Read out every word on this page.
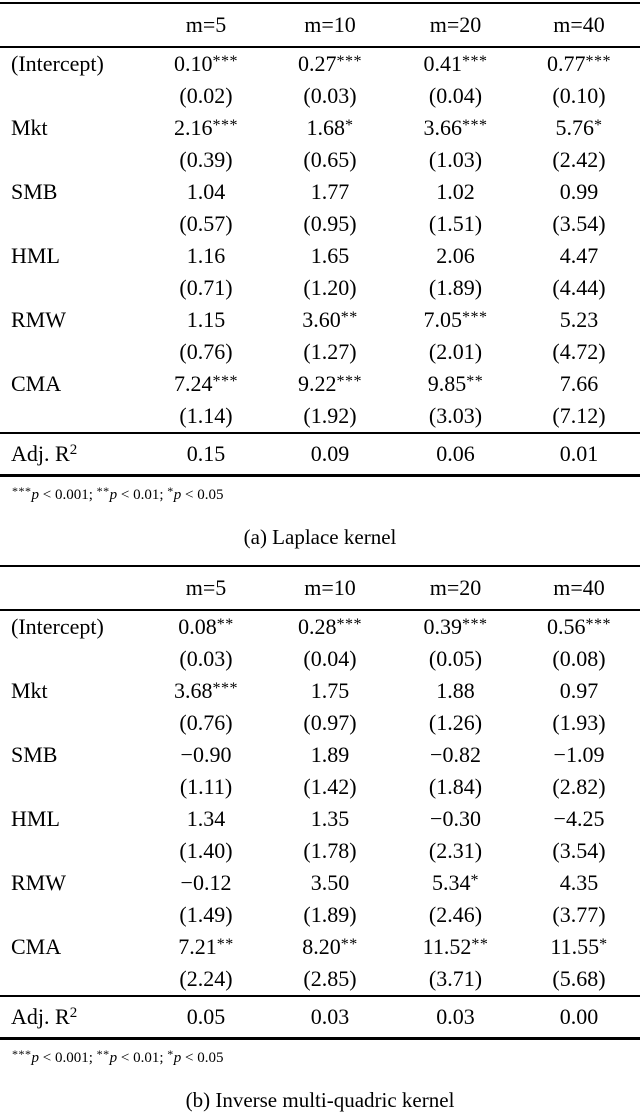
	m=5	m=10	m=20	m=40
(Intercept)	0.10***	0.27***	0.41***	0.77***
	(0.02)	(0.03)	(0.04)	(0.10)
Mkt	2.16***	1.68*	3.66***	5.76*
	(0.39)	(0.65)	(1.03)	(2.42)
SMB	1.04	1.77	1.02	0.99
	(0.57)	(0.95)	(1.51)	(3.54)
HML	1.16	1.65	2.06	4.47
	(0.71)	(1.20)	(1.89)	(4.44)
RMW	1.15	3.60**	7.05***	5.23
	(0.76)	(1.27)	(2.01)	(4.72)
CMA	7.24***	9.22***	9.85**	7.66
	(1.14)	(1.92)	(3.03)	(7.12)
Adj. R2	0.15	0.09	0.06	0.01
***p < 0.001; **p < 0.01; *p < 0.05
(a) Laplace kernel
	m=5	m=10	m=20	m=40
(Intercept)	0.08**	0.28***	0.39***	0.56***
	(0.03)	(0.04)	(0.05)	(0.08)
Mkt	3.68***	1.75	1.88	0.97
	(0.76)	(0.97)	(1.26)	(1.93)
SMB	−0.90	1.89	−0.82	−1.09
	(1.11)	(1.42)	(1.84)	(2.82)
HML	1.34	1.35	−0.30	−4.25
	(1.40)	(1.78)	(2.31)	(3.54)
RMW	−0.12	3.50	5.34*	4.35
	(1.49)	(1.89)	(2.46)	(3.77)
CMA	7.21**	8.20**	11.52**	11.55*
	(2.24)	(2.85)	(3.71)	(5.68)
Adj. R2	0.05	0.03	0.03	0.00
***p < 0.001; **p < 0.01; *p < 0.05
(b) Inverse multi-quadric kernel
